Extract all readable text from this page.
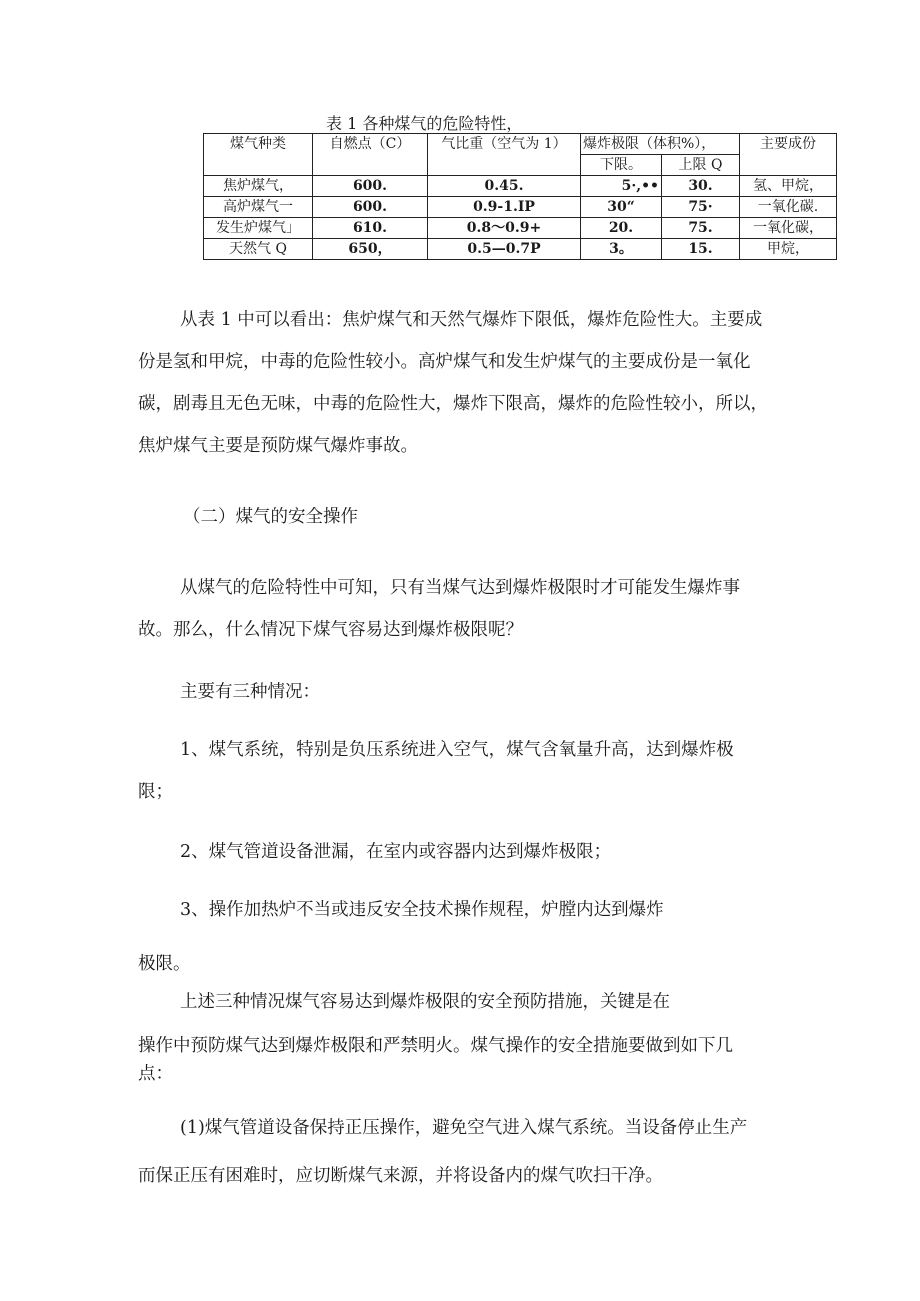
表 1 各种煤气的危险特性，
煤气种类	自燃点（C）	气比重（空气为 1）	爆炸极限（体积%），		主要成份
			下限。	上限 Q	
焦炉煤气，	600.	0.45.	5·,••	30.	氢、甲烷，
高炉煤气一	600.	0.9-1.IP	30“	75·	一氧化碳.
发生炉煤气」	610.	0.8～0.9+	20.	75.	一氧化碳，
天然气 Q	650，	0.5—0.7P	3。	15.	甲烷，
从表 1 中可以看出：焦炉煤气和天然气爆炸下限低，爆炸危险性大。主要成
份是氢和甲烷，中毒的危险性较小。高炉煤气和发生炉煤气的主要成份是一氧化
碳，剧毒且无色无味，中毒的危险性大，爆炸下限高，爆炸的危险性较小，所以，
焦炉煤气主要是预防煤气爆炸事故。
（二）煤气的安全操作
从煤气的危险特性中可知，只有当煤气达到爆炸极限时才可能发生爆炸事
故。那么，什么情况下煤气容易达到爆炸极限呢？
主要有三种情况：
1、煤气系统，特别是负压系统进入空气，煤气含氧量升高，达到爆炸极
限；
2、煤气管道设备泄漏，在室内或容器内达到爆炸极限；
3、操作加热炉不当或违反安全技术操作规程，炉膛内达到爆炸
极限。
上述三种情况煤气容易达到爆炸极限的安全预防措施，关键是在
操作中预防煤气达到爆炸极限和严禁明火。煤气操作的安全措施要做到如下几
点：
(1)煤气管道设备保持正压操作，避免空气进入煤气系统。当设备停止生产
而保正压有困难时，应切断煤气来源，并将设备内的煤气吹扫干净。
